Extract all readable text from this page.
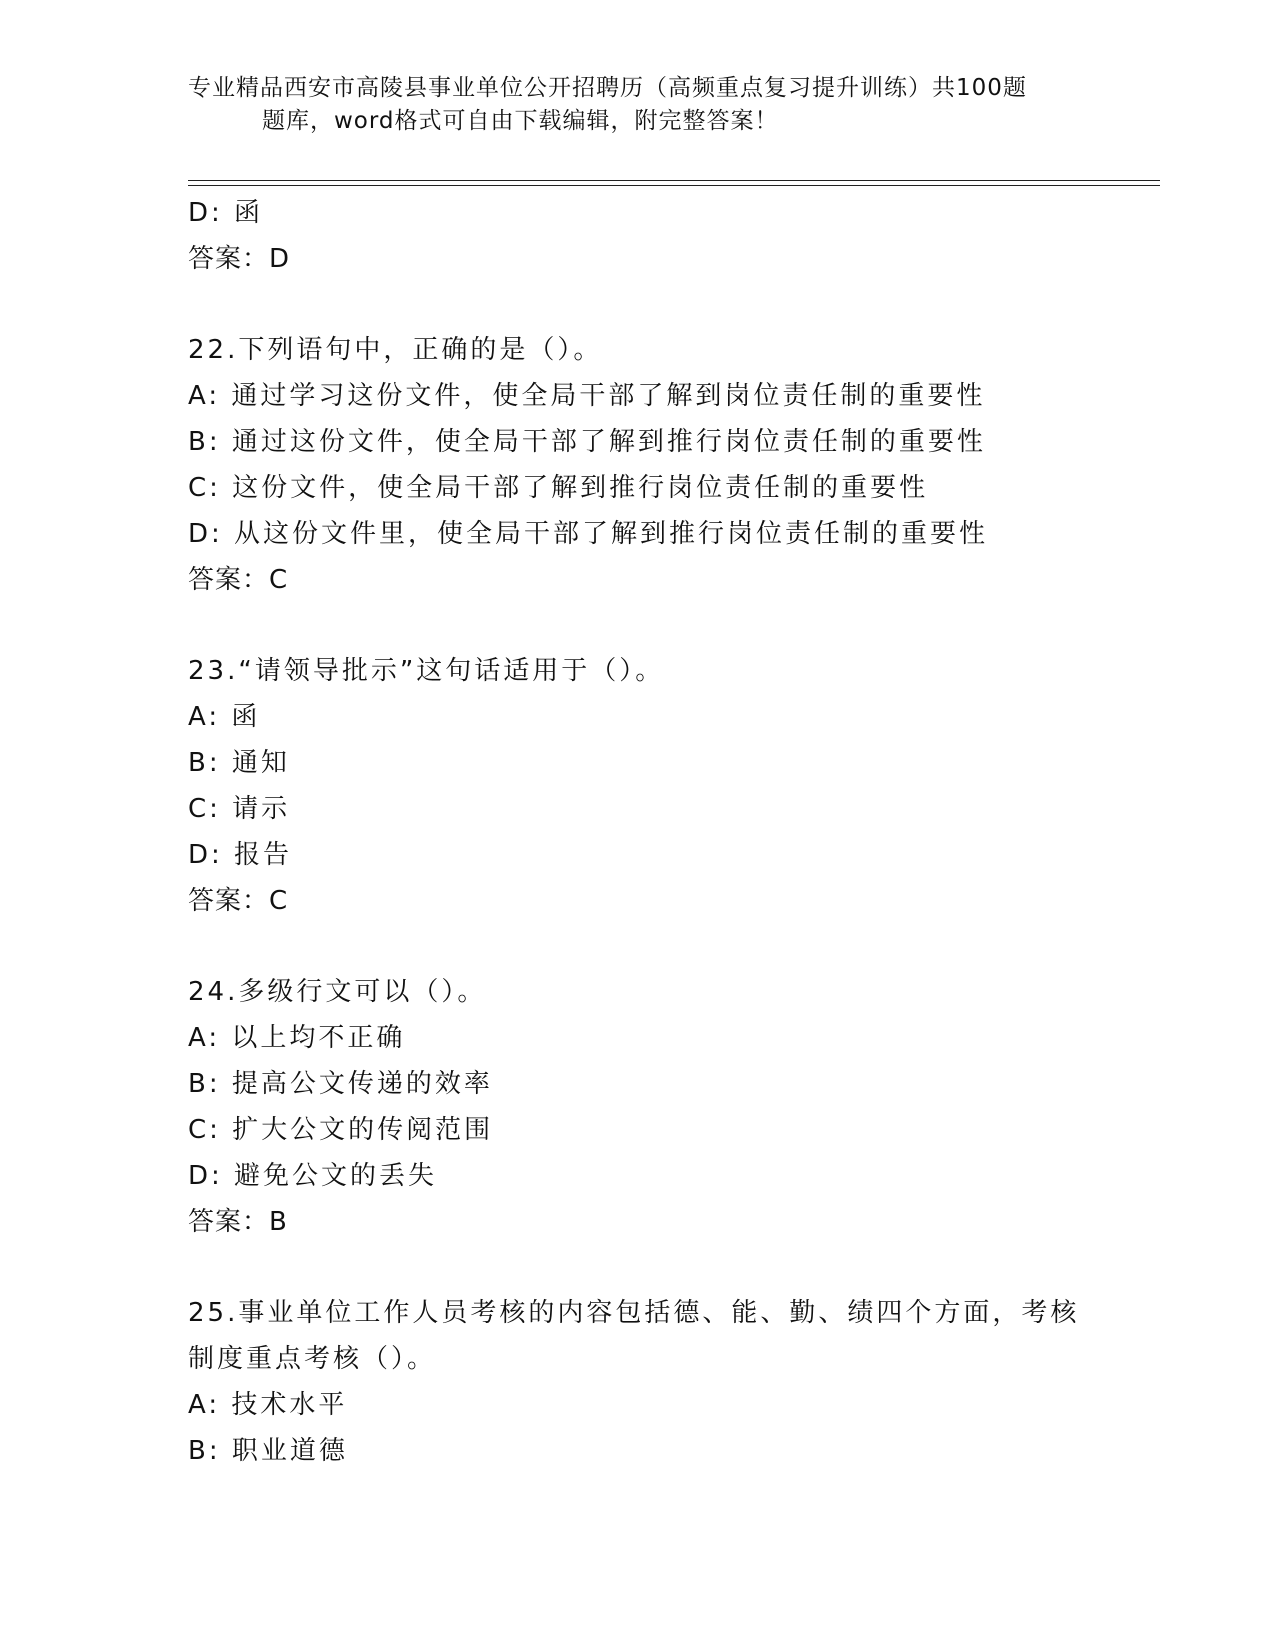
专业精品西安市高陵县事业单位公开招聘历（高频重点复习提升训练）共100题
题库，word格式可自由下载编辑，附完整答案！
D: 函
答案：D
22.下列语句中，正确的是（）。
A: 通过学习这份文件，使全局干部了解到岗位责任制的重要性
B: 通过这份文件，使全局干部了解到推行岗位责任制的重要性
C: 这份文件，使全局干部了解到推行岗位责任制的重要性
D: 从这份文件里，使全局干部了解到推行岗位责任制的重要性
答案：C
23.“请领导批示”这句话适用于（）。
A: 函
B: 通知
C: 请示
D: 报告
答案：C
24.多级行文可以（）。
A: 以上均不正确
B: 提高公文传递的效率
C: 扩大公文的传阅范围
D: 避免公文的丢失
答案：B
25.事业单位工作人员考核的内容包括德、能、勤、绩四个方面，考核制度重点考核（）。
A: 技术水平
B: 职业道德
